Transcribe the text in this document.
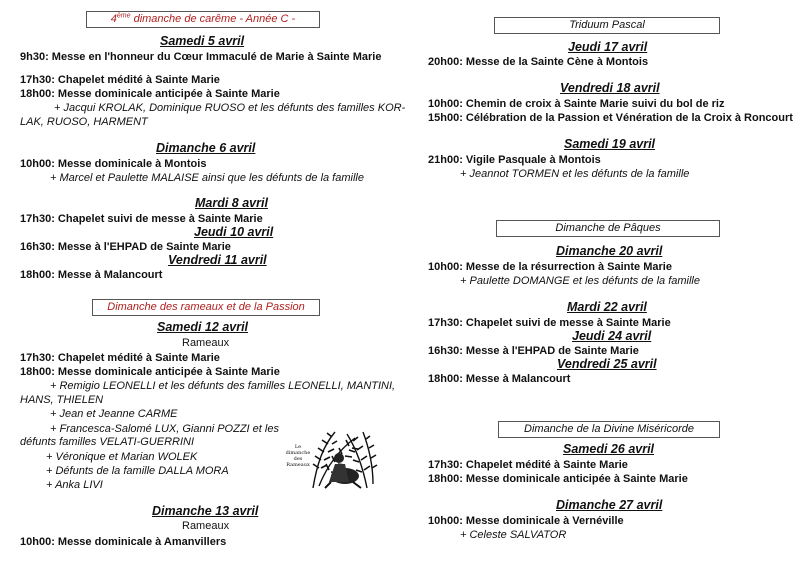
4ème dimanche de carême - Année C -
Samedi 5 avril
9h30: Messe en l'honneur du Cœur Immaculé de Marie à Sainte Marie
17h30: Chapelet médité à Sainte Marie
18h00: Messe dominicale anticipée à Sainte Marie
+ Jacqui KROLAK, Dominique RUOSO et les défunts des familles KOR-
LAK, RUOSO, HARMENT
Dimanche 6 avril
10h00: Messe dominicale à Montois
+ Marcel et Paulette MALAISE ainsi que les défunts de la famille
Mardi 8 avril
17h30: Chapelet suivi de messe à Sainte Marie
Jeudi 10 avril
16h30: Messe à l'EHPAD de Sainte Marie
Vendredi 11 avril
18h00: Messe à Malancourt
Dimanche des rameaux et de la Passion
Samedi 12 avril
Rameaux
17h30: Chapelet médité à Sainte Marie
18h00: Messe dominicale anticipée à Sainte Marie
+ Remigio LEONELLI et les défunts des familles LEONELLI, MANTINI,
HANS, THIELEN
+ Jean et Jeanne CARME
+ Francesca-Salomé LUX, Gianni POZZI et les
défunts familles VELATI-GUERRINI
+ Véronique et Marian WOLEK
+ Défunts de la famille DALLA MORA
+ Anka LIVI
Le
dimanche
des
Rameaux
Dimanche 13 avril
Rameaux
10h00: Messe dominicale à Amanvillers
Triduum Pascal
Jeudi 17 avril
20h00: Messe de la Sainte Cène à Montois
Vendredi 18 avril
10h00: Chemin de croix à Sainte Marie suivi du bol de riz
15h00: Célébration de la Passion et Vénération de la Croix à Roncourt
Samedi 19 avril
21h00: Vigile Pasquale à Montois
+ Jeannot TORMEN et les défunts de la famille
Dimanche de Pâques
Dimanche 20 avril
10h00: Messe de la résurrection à Sainte Marie
+ Paulette DOMANGE et les défunts de la famille
Mardi 22 avril
17h30: Chapelet suivi de messe à Sainte Marie
Jeudi 24 avril
16h30: Messe à l'EHPAD de Sainte Marie
Vendredi 25 avril
18h00: Messe à Malancourt
Dimanche de la Divine Miséricorde
Samedi 26 avril
17h30: Chapelet médité à Sainte Marie
18h00: Messe dominicale anticipée à Sainte Marie
Dimanche 27 avril
10h00: Messe dominicale à Vernéville
+ Celeste SALVATOR
